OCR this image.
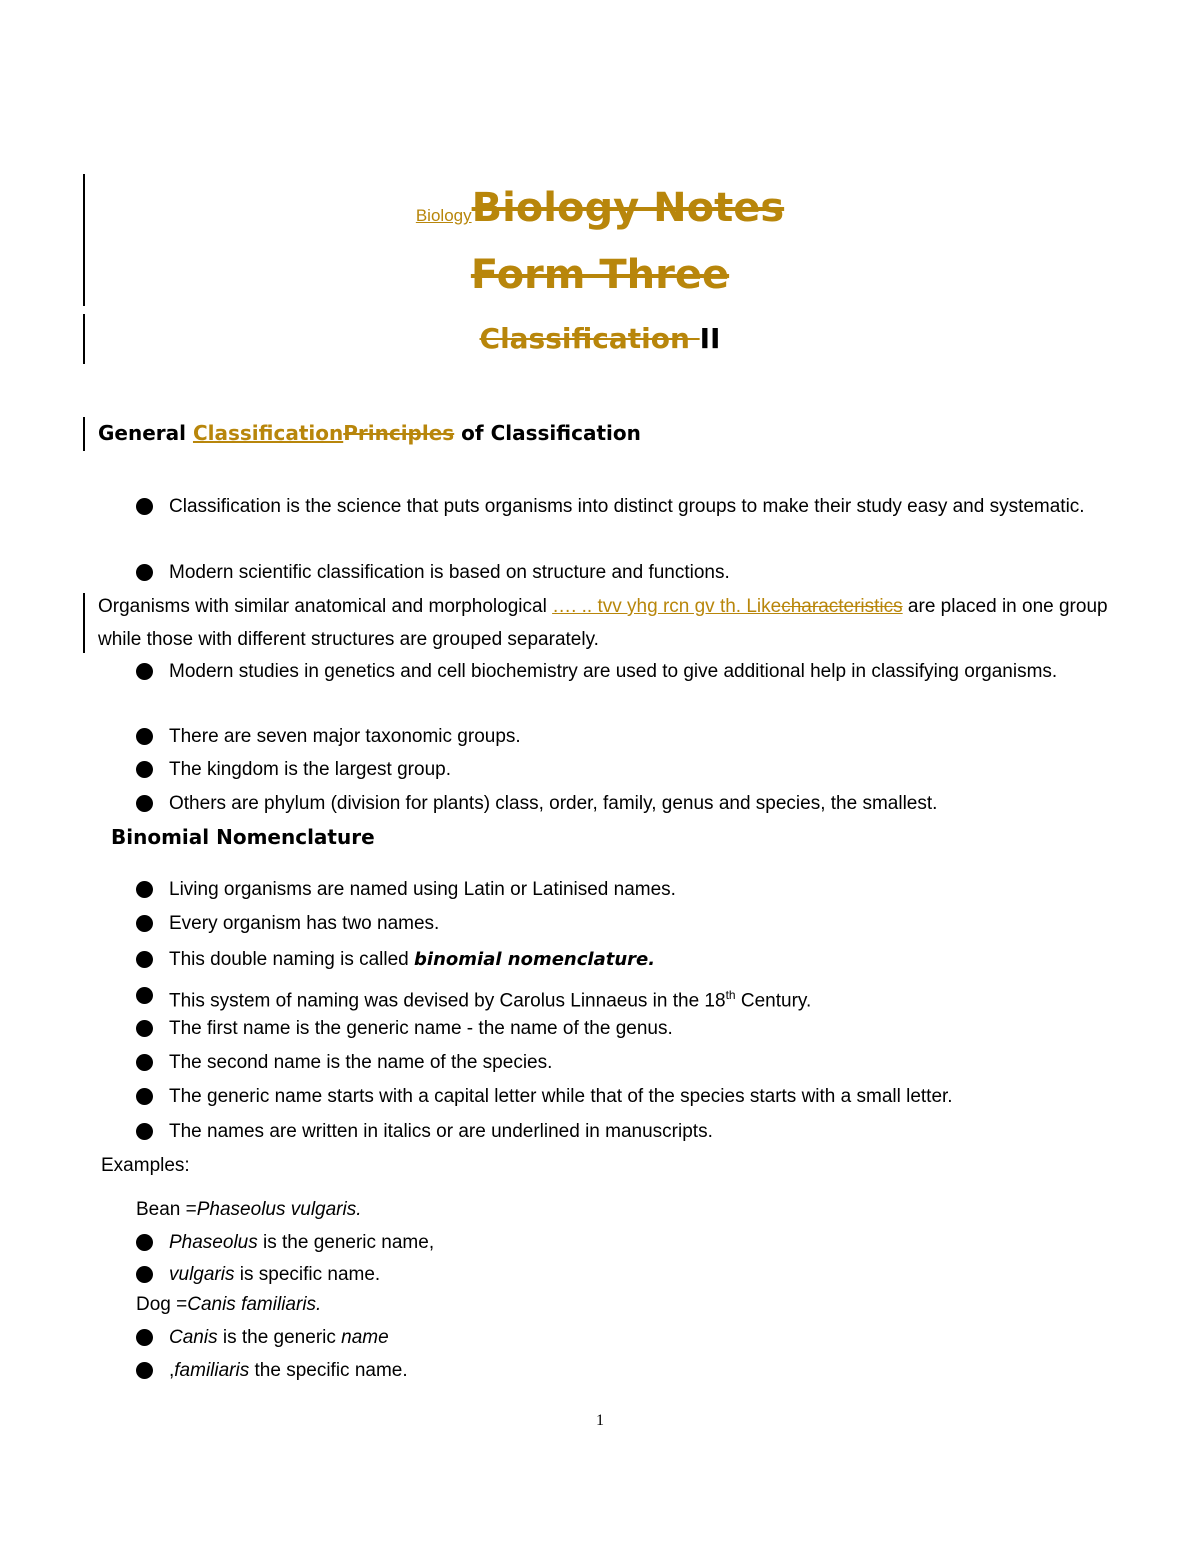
BiologyBiology Notes
Form Three
Classification II
General ClassificationPrinciples of Classification
Classification is the science that puts organisms into distinct groups to make their study easy and systematic.
Modern scientific classification is based on structure and functions.
Organisms with similar anatomical and morphological …. .. tvv yhg rcn gv th. Likecharacteristics are placed in one group while those with different structures are grouped separately.
Modern studies in genetics and cell biochemistry are used to give additional help in classifying organisms.
There are seven major taxonomic groups.
The kingdom is the largest group.
Others are phylum (division for plants) class, order, family, genus and species, the smallest.
Binomial Nomenclature
Living organisms are named using Latin or Latinised names.
Every organism has two names.
This double naming is called binomial nomenclature.
This system of naming was devised by Carolus Linnaeus in the 18th Century.
The first name is the generic name - the name of the genus.
The second name is the name of the species.
The generic name starts with a capital letter while that of the species starts with a small letter.
The names are written in italics or are underlined in manuscripts.
Examples:
Bean =Phaseolus vulgaris.
Phaseolus is the generic name,
vulgaris is specific name.
Dog =Canis familiaris.
Canis is the generic name
,familiaris the specific name.
1
